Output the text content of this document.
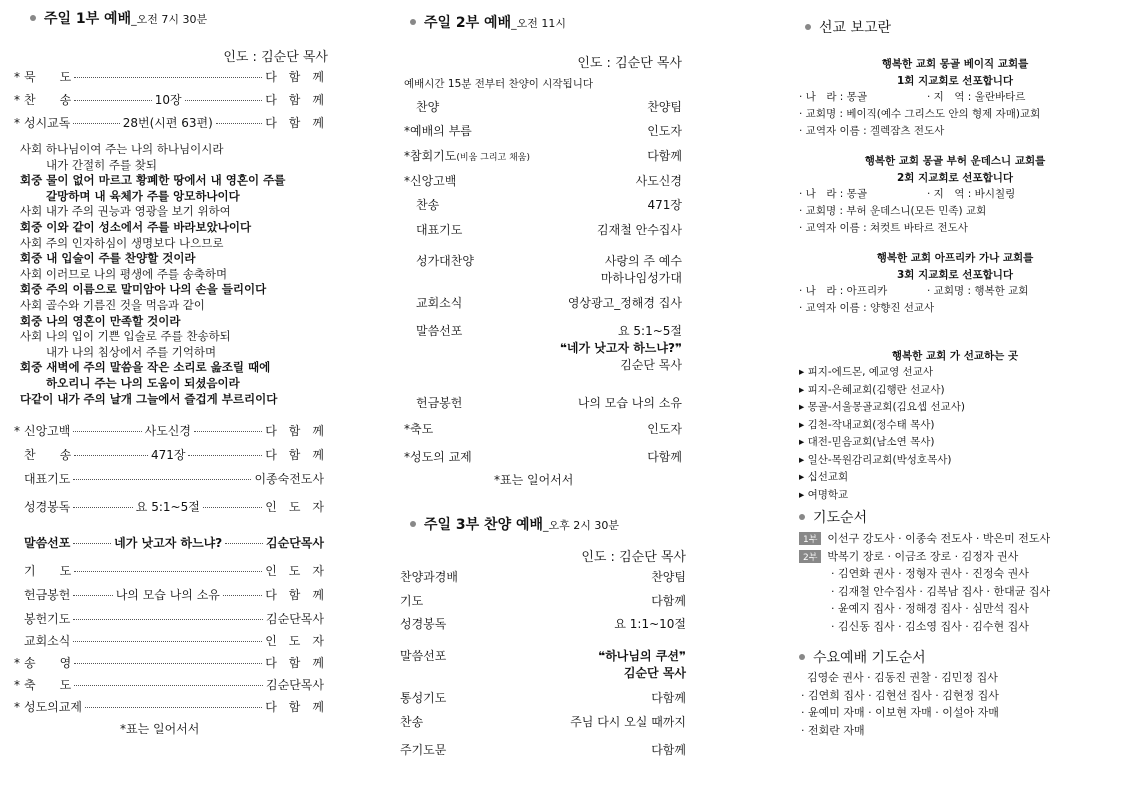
주일 1부 예배_오전 7시 30분
인도 : 김순단 목사
* 묵　　도	다　함　께
* 찬　　송	10장	다　함　께
* 성시교독	28번(시편 63편)	다　함　께
사회 하나님이여 주는 나의 하나님이시라
내가 간절히 주를 찾되
회중 물이 없어 마르고 황폐한 땅에서 내 영혼이 주를
갈망하며 내 육체가 주를 앙모하나이다
사회 내가 주의 권능과 영광을 보기 위하여
회중 이와 같이 성소에서 주를 바라보았나이다
사회 주의 인자하심이 생명보다 나으므로
회중 내 입술이 주를 찬양할 것이라
사회 이러므로 나의 평생에 주를 송축하며
회중 주의 이름으로 말미암아 나의 손을 들리이다
사회 골수와 기름진 것을 먹음과 같이
회중 나의 영혼이 만족할 것이라
사회 나의 입이 기쁜 입술로 주를 찬송하되
내가 나의 침상에서 주를 기억하며
회중 새벽에 주의 말씀을 작은 소리로 읊조릴 때에
하오리니 주는 나의 도움이 되셨음이라
다같이 내가 주의 날개 그늘에서 즐겁게 부르리이다
* 신앙고백	사도신경	다　함　께
찬　　송	471장	다　함　께
대표기도	이종숙전도사
성경봉독	요 5:1~5절	인　도　자
말씀선포	네가 낫고자 하느냐?	김순단목사
기　　도	인　도　자
헌금봉헌	나의 모습 나의 소유	다　함　께
봉헌기도	김순단목사
교회소식	인　도　자
* 송　　영	다　함　께
* 축　　도	김순단목사
* 성도의교제	다　함　께
*표는 일어서서
주일 2부 예배_오전 11시
인도 : 김순단 목사
예배시간 15분 전부터 찬양이 시작됩니다
찬양	찬양팀
*예배의 부름	인도자
*참회기도(비움 그리고 채움)	다함께
*신앙고백	사도신경
찬송	471장
대표기도	김재철 안수집사
성가대찬양	사랑의 주 예수
마하나임성가대
교회소식	영상광고_정해경 집사
말씀선포	요 5:1~5절
❝네가 낫고자 하느냐?❞
김순단 목사
헌금봉헌	나의 모습 나의 소유
*축도	인도자
*성도의 교제	다함께
*표는 일어서서
주일 3부 찬양 예배_오후 2시 30분
인도 : 김순단 목사
찬양과경배	찬양팀
기도	다함께
성경봉독	요 1:1~10절
말씀선포	❝하나님의 쿠션❞
김순단 목사
통성기도	다함께
찬송	주님 다시 오실 때까지
주기도문	다함께
선교 보고란
행복한 교회 몽골 베이직 교회를
1회 지교회로 선포합니다
· 나　라 : 몽골	· 지　역 : 울란바타르
· 교회명 : 베이직(예수 그리스도 안의 형제 자매)교회
· 교역자 이름 : 겔렉잠츠 전도사
행복한 교회 몽골 부허 운데스니 교회를
2회 지교회로 선포합니다
· 나　라 : 몽골	· 지　역 : 바시칠링
· 교회명 : 부허 운데스니(모든 민족) 교회
· 교역자 이름 : 쳐컷트 바타르 전도사
행복한 교회 아프리카 가나 교회를
3회 지교회로 선포합니다
· 나　라 : 아프리카	· 교회명 : 행복한 교회
· 교역자 이름 : 양향진 선교사
행복한 교회 가 선교하는 곳
▸ 피지-에드몬, 예교영 선교사
▸ 피지-은혜교회(김행란 선교사)
▸ 몽골-서울몽골교회(김요셉 선교사)
▸ 김천-작내교회(정수태 목사)
▸ 대전-믿음교회(남소연 목사)
▸ 일산-목원감리교회(박성호목사)
▸ 십선교회
▸ 여명학교
기도순서
1부 이선구 강도사 · 이종숙 전도사 · 박은미 전도사
2부 박복기 장로 · 이금조 장로 · 김정자 권사
· 김연화 권사 · 정형자 권사 · 진정숙 권사
· 김재철 안수집사 · 김복남 집사 · 한대균 집사
· 윤예지 집사 · 정해경 집사 · 심만석 집사
· 김신동 집사 · 김소영 집사 · 김수현 집사
수요예배 기도순서
김영순 권사 · 김동진 권찰 · 김민정 집사
· 김연희 집사 · 김현선 집사 · 김현정 집사
· 윤예미 자매 · 이보현 자매 · 이설아 자매
· 전회란 자매
